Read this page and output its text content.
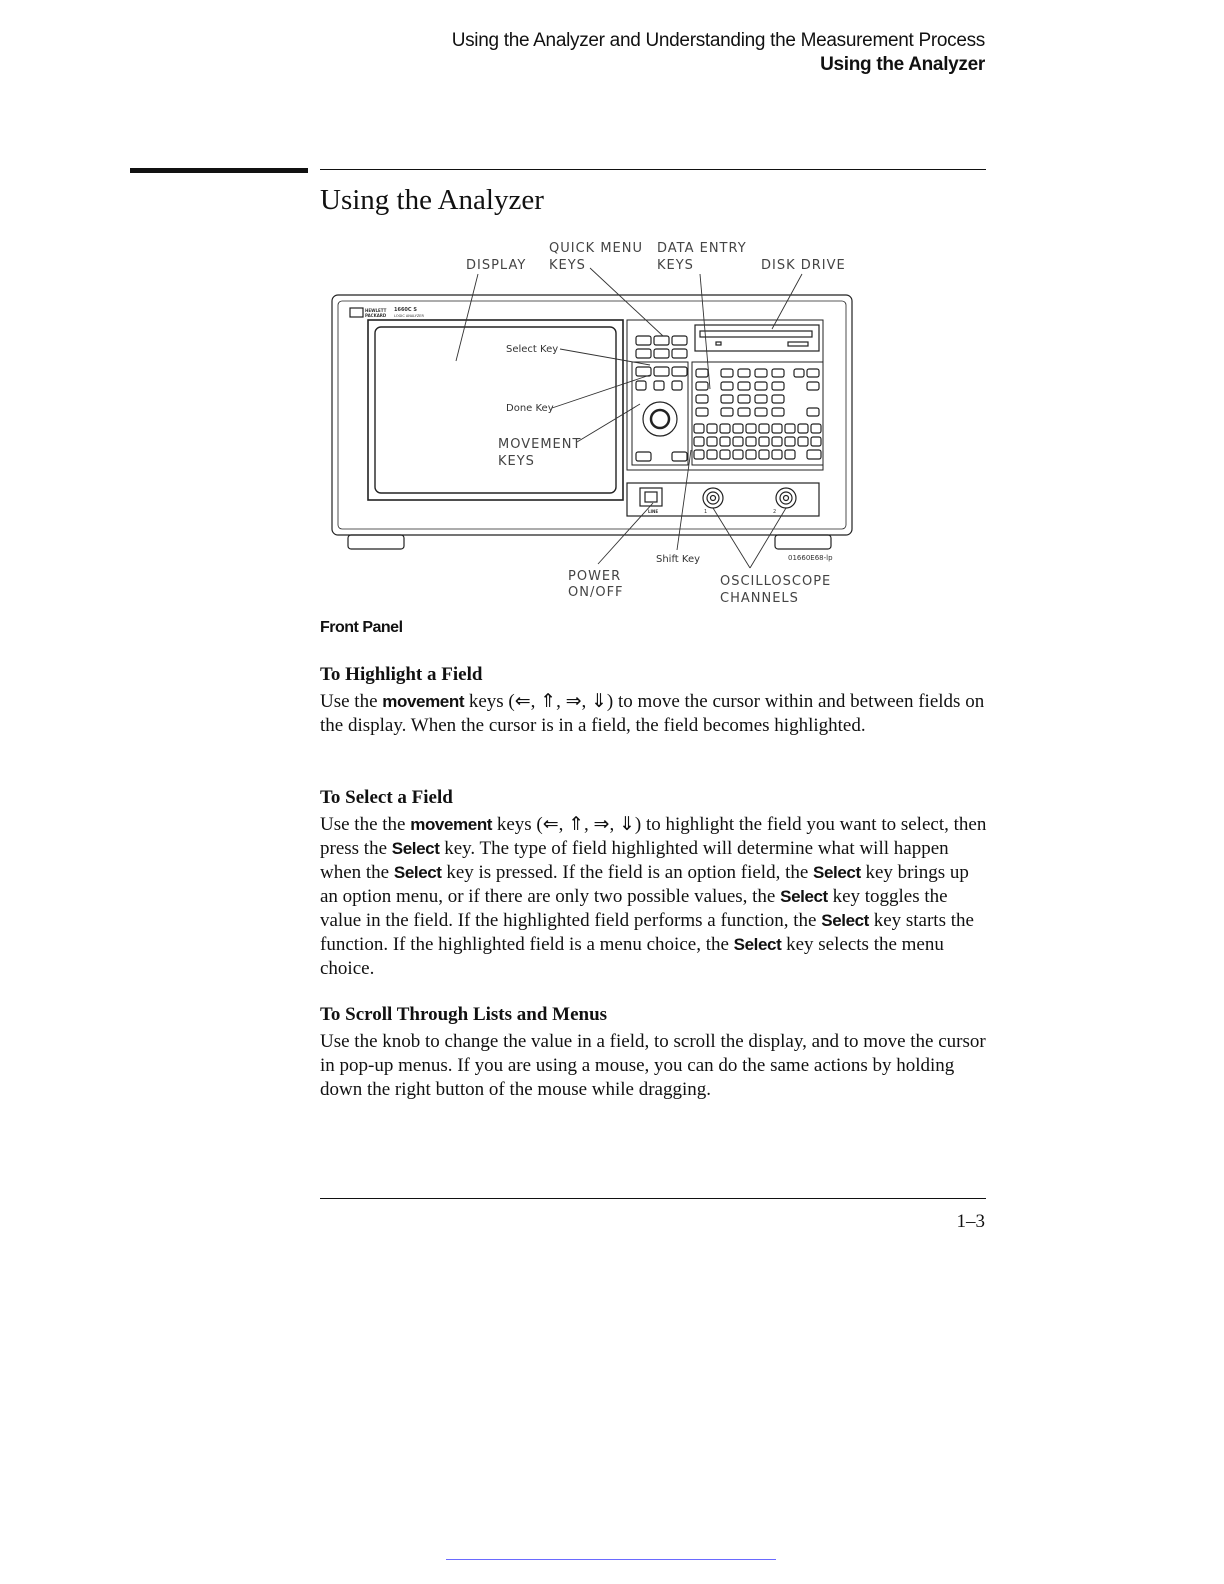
Using the Analyzer and Understanding the Measurement Process
Using the Analyzer
Using the Analyzer
DISPLAY
QUICK MENU
KEYS
DATA ENTRY
KEYS	DISK DRIVE
Select Key
Done Key
MOVEMENT
KEYS
POWER
ON/OFF
Shift Key
OSCILLOSCOPE
CHANNELS
01660E68-lp
HEWLETT
PACKARD
1660C S
LOGIC ANALYZER
LINE	1	2
Front Panel
To Highlight a Field

Use the movement keys (⇐, ⇑, ⇒, ⇓) to move the cursor within and between fields on the display. When the cursor is in a field, the field becomes highlighted.

To Select a Field

Use the the movement keys (⇐, ⇑, ⇒, ⇓) to highlight the field you want to select, then press the Select key. The type of field highlighted will determine what will happen when the Select key is pressed. If the field is an option field, the Select key brings up an option menu, or if there are only two possible values, the Select key toggles the value in the field. If the highlighted field performs a function, the Select key starts the function. If the highlighted field is a menu choice, the Select key selects the menu choice.

To Scroll Through Lists and Menus

Use the knob to change the value in a field, to scroll the display, and to move the cursor in pop-up menus. If you are using a mouse, you can do the same actions by holding down the right button of the mouse while dragging.

1–3
